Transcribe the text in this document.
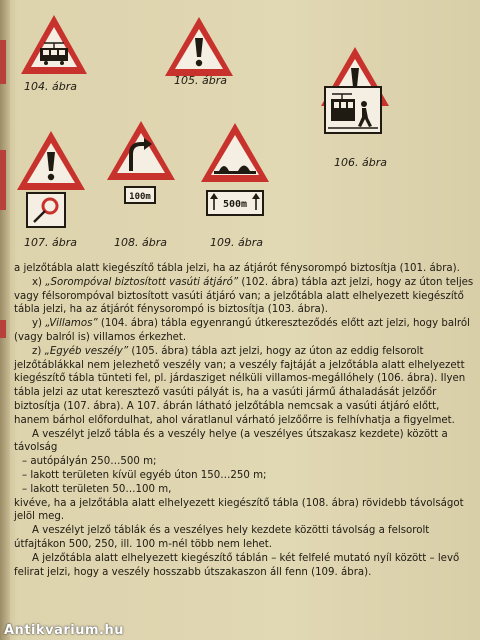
104. ábra	105. ábra
106. ábra
107. ábra
100m
108. ábra
500m
109. ábra

a jelzőtábla alatt kiegészítő tábla jelzi, ha az átjárót fénysorompó biztosítja (101. ábra).

x) „Sorompóval biztosított vasúti átjáró” (102. ábra) tábla azt jelzi, hogy az úton teljes vagy félsorompóval biztosított vasúti átjáró van; a jelzőtábla alatt elhelyezett kiegészítő tábla jelzi, ha az átjárót fénysorompó is biztosítja (103. ábra).

y) „Villamos” (104. ábra) tábla egyenrangú útkereszteződés előtt azt jelzi, hogy balról (vagy balról is) villamos érkezhet.

z) „Egyéb veszély” (105. ábra) tábla azt jelzi, hogy az úton az eddig felsorolt jelzőtáblákkal nem jelezhető veszély van; a veszély fajtáját a jelzőtábla alatt elhelyezett kiegészítő tábla tünteti fel, pl. járdasziget nélküli villamos-megállóhely (106. ábra). Ilyen tábla jelzi az utat keresztező vasúti pályát is, ha a vasúti jármű áthaladását jelzőőr biztosítja (107. ábra). A 107. ábrán látható jelzőtábla nemcsak a vasúti átjáró előtt, hanem bárhol előfordulhat, ahol váratlanul várható jelzőőrre is felhívhatja a figyelmet.

A veszélyt jelző tábla és a veszély helye (a veszélyes útszakasz kezdete) között a távolság

– autópályán 250…500 m;

– lakott területen kívül egyéb úton 150…250 m;

– lakott területen 50…100 m,

kivéve, ha a jelzőtábla alatt elhelyezett kiegészítő tábla (108. ábra) rövidebb távolságot jelöl meg.

A veszélyt jelző táblák és a veszélyes hely kezdete közötti távolság a felsorolt útfajtákon 500, 250, ill. 100 m-nél több nem lehet.

A jelzőtábla alatt elhelyezett kiegészítő táblán – két felfelé mutató nyíl között – levő felirat jelzi, hogy a veszély hosszabb útszakaszon áll fenn (109. ábra).

Antikvarium.hu
